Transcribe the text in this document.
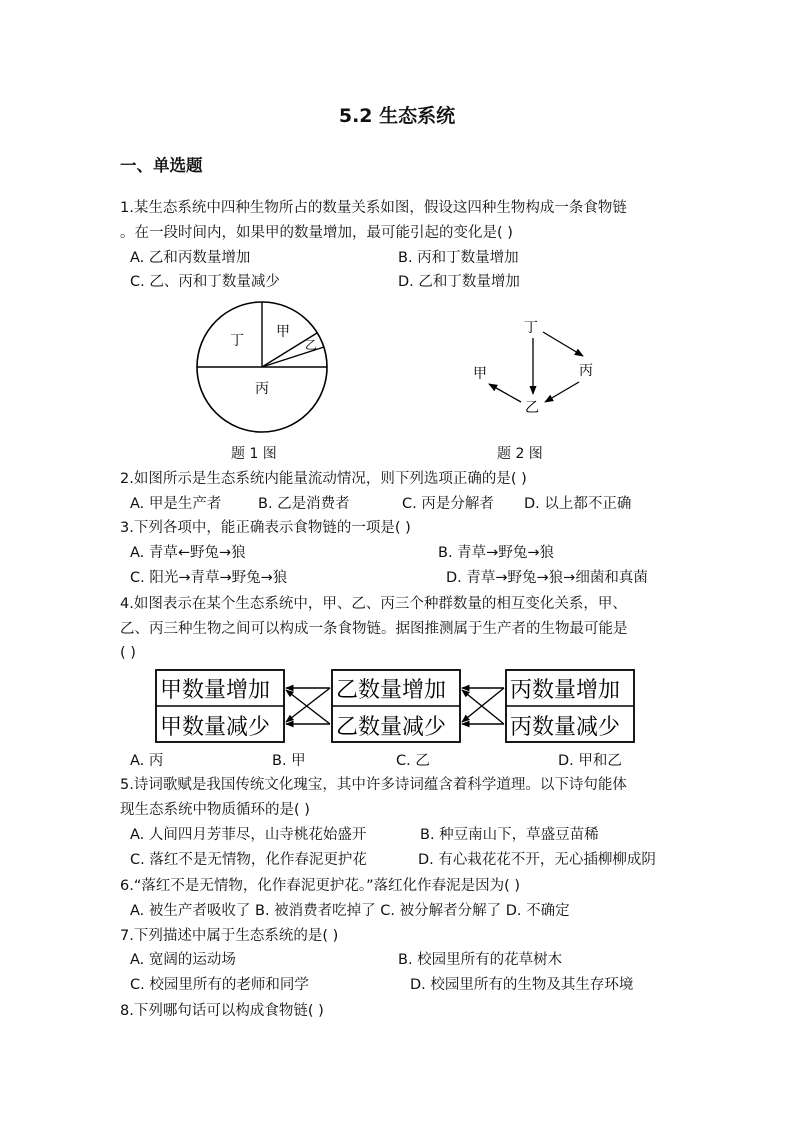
5.2 生态系统
一、单选题
1.某生态系统中四种生物所占的数量关系如图，假设这四种生物构成一条食物链
。在一段时间内，如果甲的数量增加，最可能引起的变化是( )
A. 乙和丙数量增加	B. 丙和丁数量增加
C. 乙、丙和丁数量减少	D. 乙和丁数量增加
丁
甲
乙
丙
题 1 图
丁
甲	丙
乙
题 2 图
2.如图所示是生态系统内能量流动情况，则下列选项正确的是( )
A. 甲是生产者	B. 乙是消费者	C. 丙是分解者 D. 以上都不正确
3.下列各项中，能正确表示食物链的一项是( )
A. 青草←野兔→狼	B. 青草→野兔→狼
C. 阳光→青草→野兔→狼	D. 青草→野兔→狼→细菌和真菌
4.如图表示在某个生态系统中，甲、乙、丙三个种群数量的相互变化关系，甲、
乙、丙三种生物之间可以构成一条食物链。据图推测属于生产者的生物最可能是
( )
甲数量增加
甲数量减少
乙数量增加
乙数量减少
丙数量增加
丙数量减少
A. 丙	B. 甲	C. 乙	D. 甲和乙
5.诗词歌赋是我国传统文化瑰宝，其中许多诗词蕴含着科学道理。以下诗句能体
现生态系统中物质循环的是( )
A. 人间四月芳菲尽，山寺桃花始盛开	B. 种豆南山下，草盛豆苗稀
C. 落红不是无情物，化作春泥更护花	D. 有心栽花花不开，无心插柳柳成阴
6.“落红不是无情物，化作春泥更护花。”落红化作春泥是因为( )
A. 被生产者吸收了 B. 被消费者吃掉了 C. 被分解者分解了 D. 不确定
7.下列描述中属于生态系统的是( )
A. 宽阔的运动场	B. 校园里所有的花草树木
C. 校园里所有的老师和同学	D. 校园里所有的生物及其生存环境
8.下列哪句话可以构成食物链( )
